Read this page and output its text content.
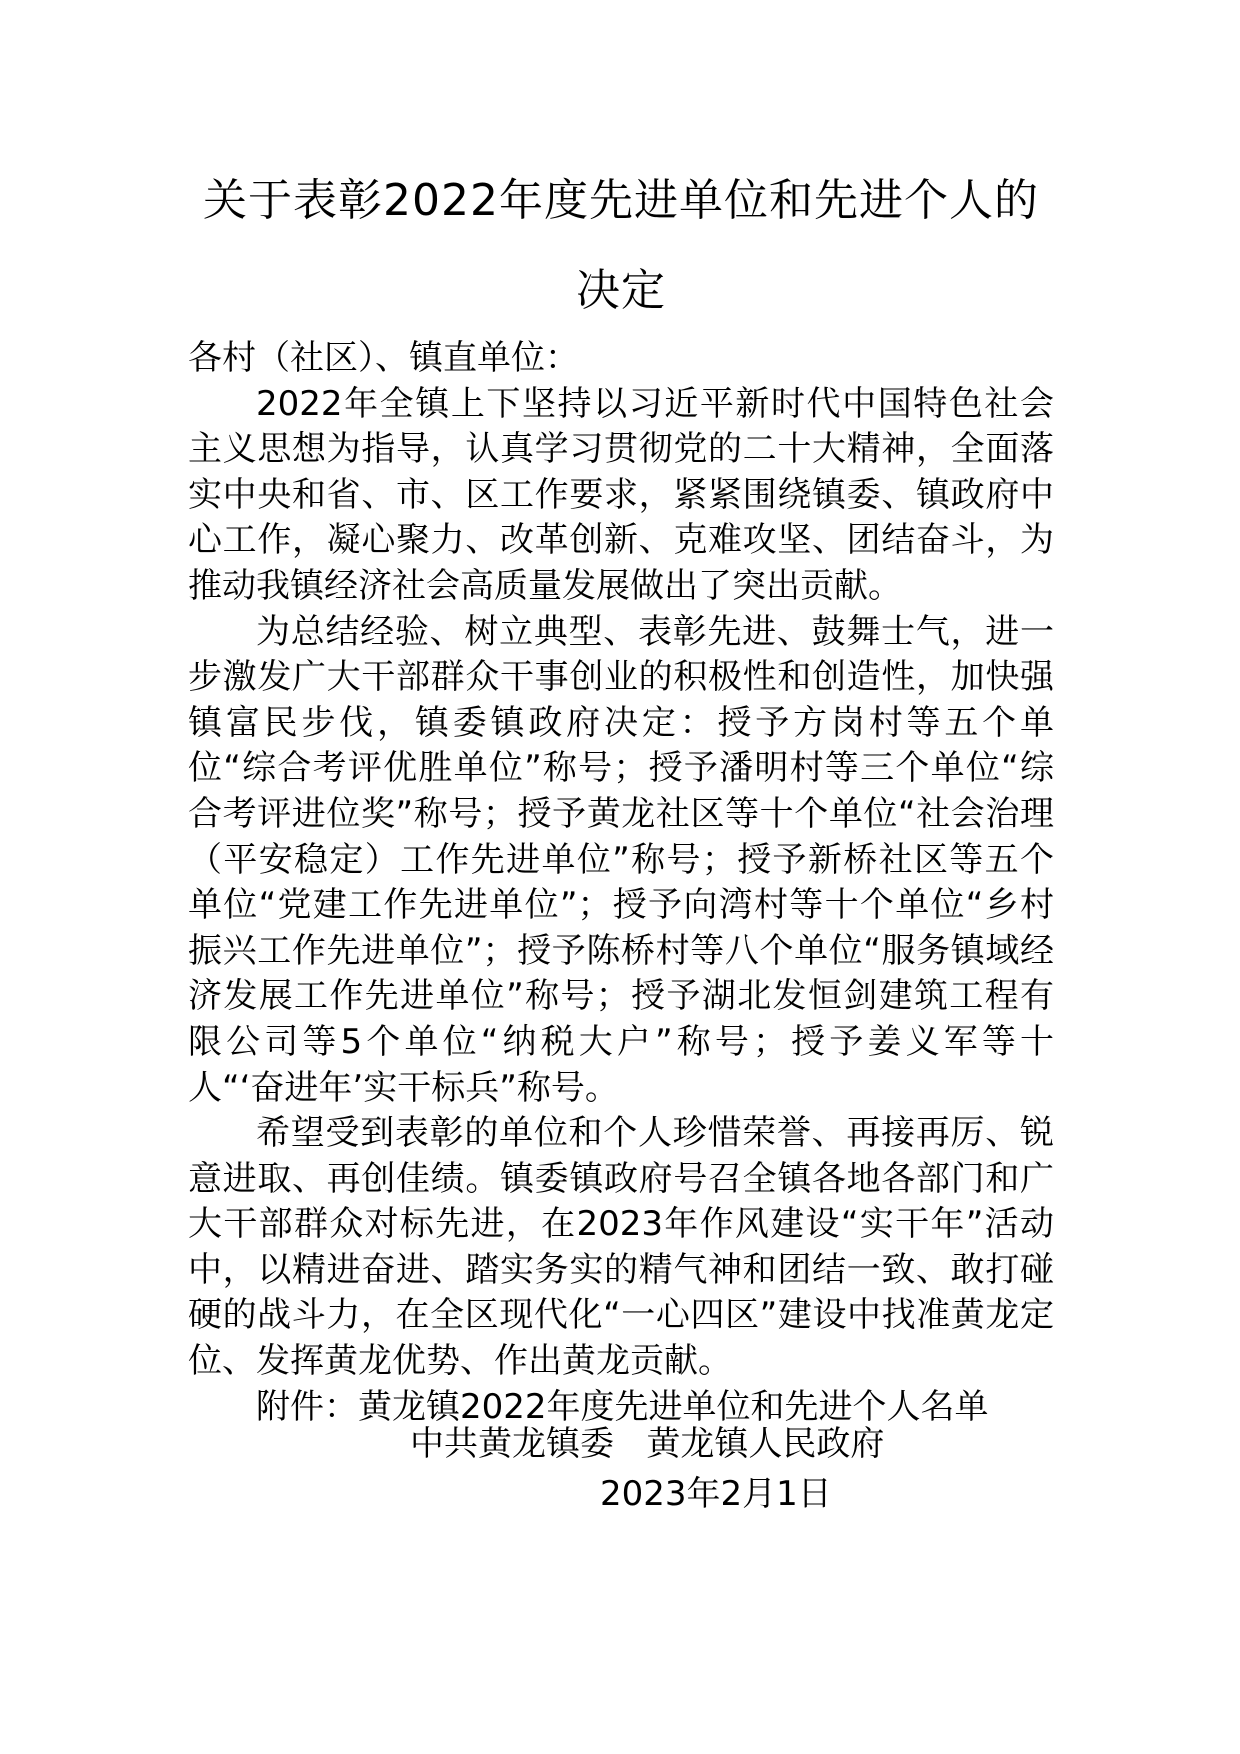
关于表彰2022年度先进单位和先进个人的
决定

各村（社区）、镇直单位：

2022年全镇上下坚持以习近平新时代中国特色社会主义思想为指导，认真学习贯彻党的二十大精神，全面落实中央和省、市、区工作要求，紧紧围绕镇委、镇政府中心工作，凝心聚力、改革创新、克难攻坚、团结奋斗，为推动我镇经济社会高质量发展做出了突出贡献。

为总结经验、树立典型、表彰先进、鼓舞士气，进一步激发广大干部群众干事创业的积极性和创造性，加快强镇富民步伐，镇委镇政府决定：授予方岗村等五个单位“综合考评优胜单位”称号；授予潘明村等三个单位“综合考评进位奖”称号；授予黄龙社区等十个单位“社会治理（平安稳定）工作先进单位”称号；授予新桥社区等五个单位“党建工作先进单位”；授予向湾村等十个单位“乡村振兴工作先进单位”；授予陈桥村等八个单位“服务镇域经济发展工作先进单位”称号；授予湖北发恒剑建筑工程有限公司等5个单位“纳税大户”称号；授予姜义军等十人“‘奋进年’实干标兵”称号。

希望受到表彰的单位和个人珍惜荣誉、再接再厉、锐意进取、再创佳绩。镇委镇政府号召全镇各地各部门和广大干部群众对标先进，在2023年作风建设“实干年”活动中，以精进奋进、踏实务实的精气神和团结一致、敢打碰硬的战斗力，在全区现代化“一心四区”建设中找准黄龙定位、发挥黄龙优势、作出黄龙贡献。

附件：黄龙镇2022年度先进单位和先进个人名单

中共黄龙镇委   黄龙镇人民政府
2023年2月1日
